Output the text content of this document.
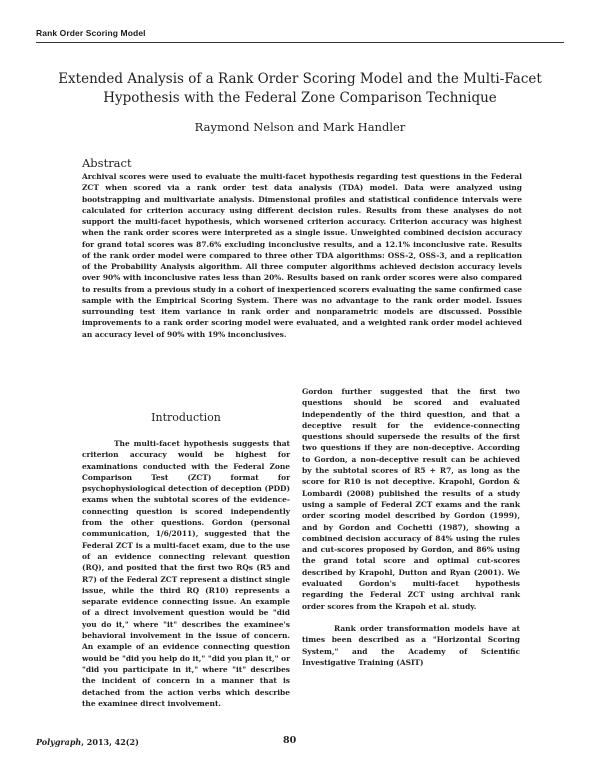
Rank Order Scoring Model
Extended Analysis of a Rank Order Scoring Model and the Multi-Facet Hypothesis with the Federal Zone Comparison Technique
Raymond Nelson and Mark Handler
Abstract
Archival scores were used to evaluate the multi-facet hypothesis regarding test questions in the Federal ZCT when scored via a rank order test data analysis (TDA) model. Data were analyzed using bootstrapping and multivariate analysis. Dimensional profiles and statistical confidence intervals were calculated for criterion accuracy using different decision rules. Results from these analyses do not support the multi-facet hypothesis, which worsened criterion accuracy. Criterion accuracy was highest when the rank order scores were interpreted as a single issue. Unweighted combined decision accuracy for grand total scores was 87.6% excluding inconclusive results, and a 12.1% inconclusive rate. Results of the rank order model were compared to three other TDA algorithms: OSS-2, OSS-3, and a replication of the Probability Analysis algorithm. All three computer algorithms achieved decision accuracy levels over 90% with inconclusive rates less than 20%. Results based on rank order scores were also compared to results from a previous study in a cohort of inexperienced scorers evaluating the same confirmed case sample with the Empirical Scoring System. There was no advantage to the rank order model. Issues surrounding test item variance in rank order and nonparametric models are discussed. Possible improvements to a rank order scoring model were evaluated, and a weighted rank order model achieved an accuracy level of 90% with 19% inconclusives.
Introduction

The multi-facet hypothesis suggests that criterion accuracy would be highest for examinations conducted with the Federal Zone Comparison Test (ZCT) format for psychophysiological detection of deception (PDD) exams when the subtotal scores of the evidence-connecting question is scored independently from the other questions. Gordon (personal communication, 1/6/2011), suggested that the Federal ZCT is a multi-facet exam, due to the use of an evidence connecting relevant question (RQ), and posited that the first two RQs (R5 and R7) of the Federal ZCT represent a distinct single issue, while the third RQ (R10) represents a separate evidence connecting issue. An example of a direct involvement question would be "did you do it," where "it" describes the examinee's behavioral involvement in the issue of concern. An example of an evidence connecting question would be "did you help do it," "did you plan it," or "did you participate in it," where "it" describes the incident of concern in a manner that is detached from the action verbs which describe the examinee direct involvement.

Gordon further suggested that the first two questions should be scored and evaluated independently of the third question, and that a deceptive result for the evidence-connecting questions should supersede the results of the first two questions if they are non-deceptive. According to Gordon, a non-deceptive result can be achieved by the subtotal scores of R5 + R7, as long as the score for R10 is not deceptive. Krapohl, Gordon & Lombardi (2008) published the results of a study using a sample of Federal ZCT exams and the rank order scoring model described by Gordon (1999), and by Gordon and Cochetti (1987), showing a combined decision accuracy of 84% using the rules and cut-scores proposed by Gordon, and 86% using the grand total score and optimal cut-scores described by Krapohl, Dutton and Ryan (2001). We evaluated Gordon's multi-facet hypothesis regarding the Federal ZCT using archival rank order scores from the Krapoh et al. study.

Rank order transformation models have at times been described as a "Horizontal Scoring System," and the Academy of Scientific Investigative Training (ASIT)

Polygraph, 2013, 42(2)	80
